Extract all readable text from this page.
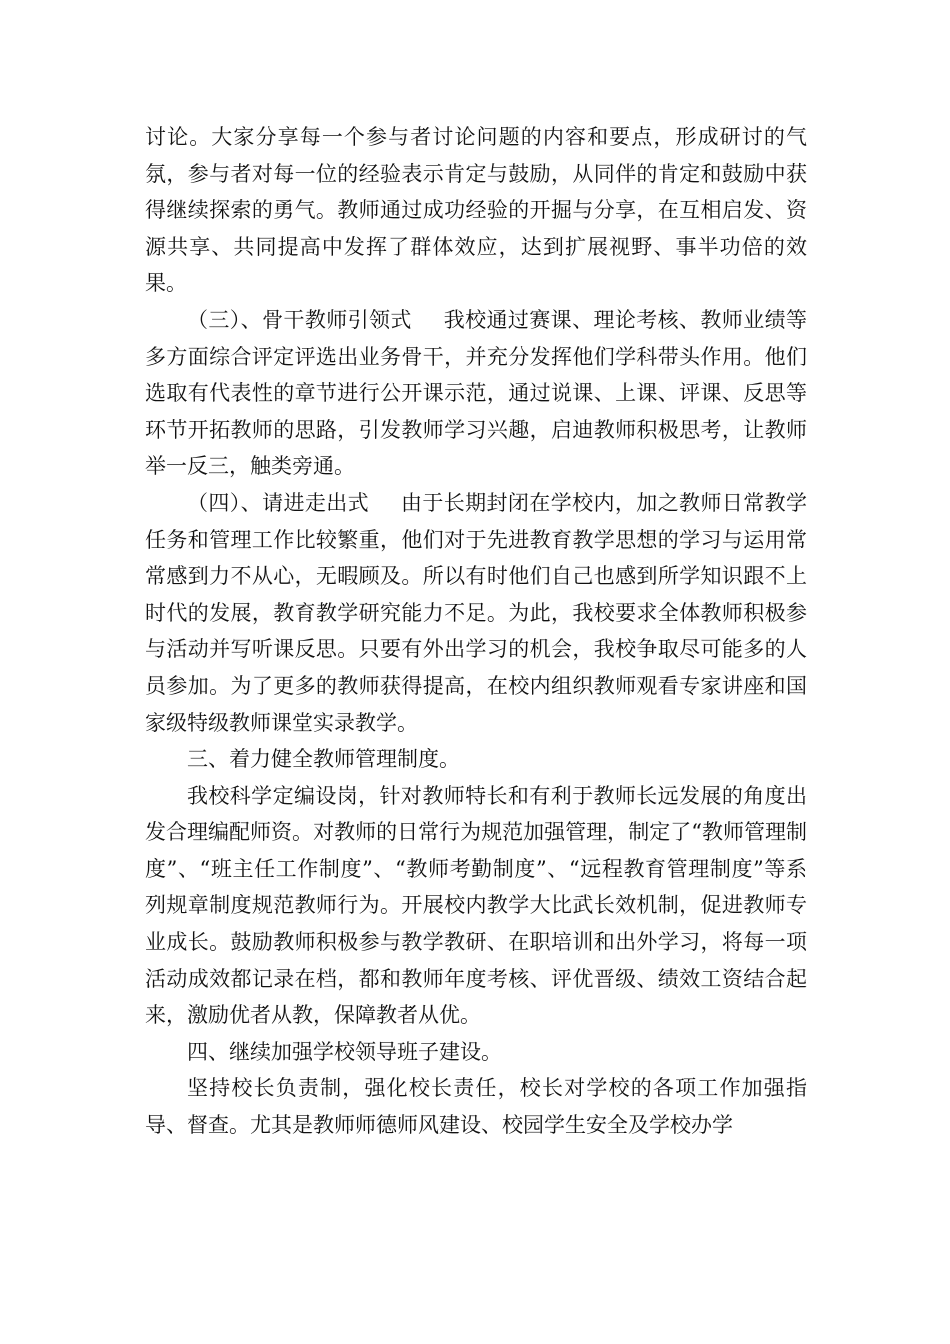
讨论。大家分享每一个参与者讨论问题的内容和要点，形成研讨的气氛，参与者对每一位的经验表示肯定与鼓励，从同伴的肯定和鼓励中获得继续探索的勇气。教师通过成功经验的开掘与分享，在互相启发、资源共享、共同提高中发挥了群体效应，达到扩展视野、事半功倍的效果。

（三）、骨干教师引领式 我校通过赛课、理论考核、教师业绩等多方面综合评定评选出业务骨干，并充分发挥他们学科带头作用。他们选取有代表性的章节进行公开课示范，通过说课、上课、评课、反思等环节开拓教师的思路，引发教师学习兴趣，启迪教师积极思考，让教师举一反三，触类旁通。

（四）、请进走出式 由于长期封闭在学校内，加之教师日常教学任务和管理工作比较繁重，他们对于先进教育教学思想的学习与运用常常感到力不从心，无暇顾及。所以有时他们自己也感到所学知识跟不上时代的发展，教育教学研究能力不足。为此，我校要求全体教师积极参与活动并写听课反思。只要有外出学习的机会，我校争取尽可能多的人员参加。为了更多的教师获得提高，在校内组织教师观看专家讲座和国家级特级教师课堂实录教学。

三、着力健全教师管理制度。

我校科学定编设岗，针对教师特长和有利于教师长远发展的角度出发合理编配师资。对教师的日常行为规范加强管理，制定了“教师管理制度”、“班主任工作制度”、“教师考勤制度”、“远程教育管理制度”等系列规章制度规范教师行为。开展校内教学大比武长效机制，促进教师专业成长。鼓励教师积极参与教学教研、在职培训和出外学习，将每一项活动成效都记录在档，都和教师年度考核、评优晋级、绩效工资结合起来，激励优者从教，保障教者从优。

四、继续加强学校领导班子建设。

坚持校长负责制，强化校长责任，校长对学校的各项工作加强指导、督查。尤其是教师师德师风建设、校园学生安全及学校办学
